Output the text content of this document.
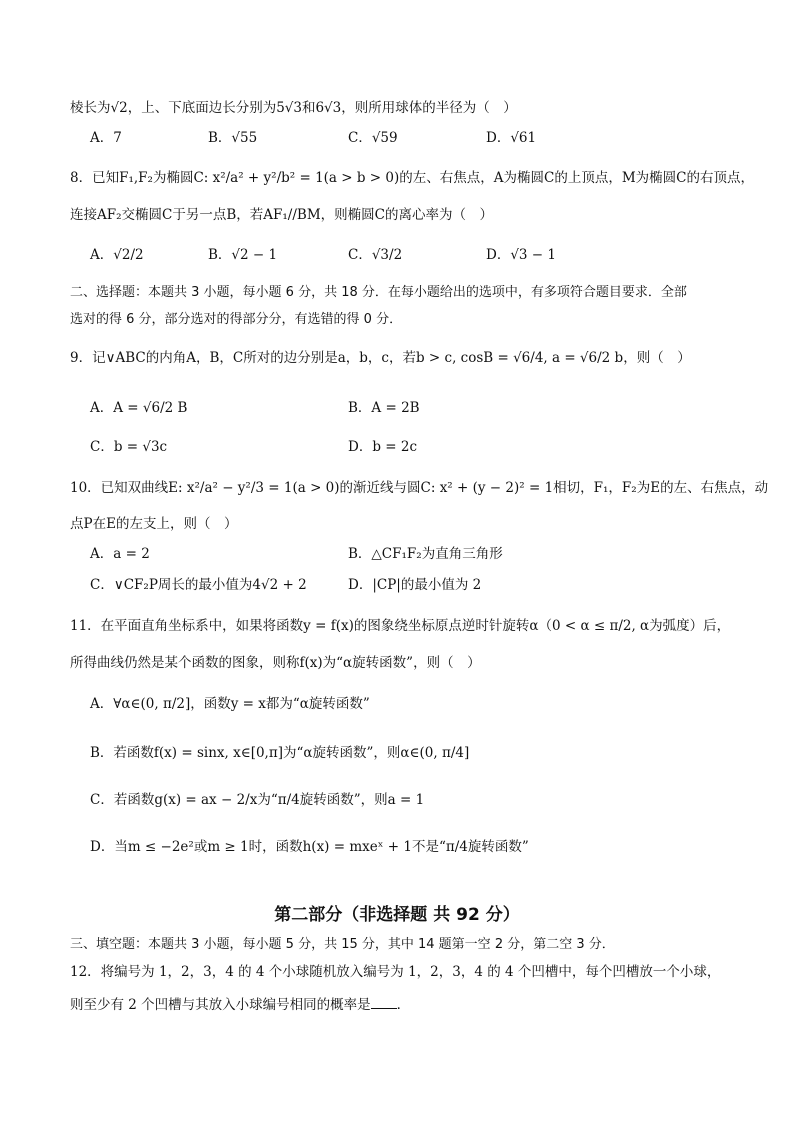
棱长为√2，上、下底面边长分别为5√3和6√3，则所用球体的半径为（　）
A．7	B．√55	C．√59	D．√61
8．已知F₁,F₂为椭圆C: x²/a² + y²/b² = 1(a > b > 0)的左、右焦点，A为椭圆C的上顶点，M为椭圆C的右顶点，
连接AF₂交椭圆C于另一点B，若AF₁//BM，则椭圆C的离心率为（　）
A．√2/2	B．√2 − 1	C．√3/2	D．√3 − 1
二、选择题：本题共 3 小题，每小题 6 分，共 18 分．在每小题给出的选项中，有多项符合题目要求．全部
选对的得 6 分，部分选对的得部分分，有选错的得 0 分．
9．记∨ABC的内角A，B，C所对的边分别是a，b，c，若b > c, cosB = √6/4, a = √6/2 b，则（　）
A．A = √6/2 B	B．A = 2B
C．b = √3c	D．b = 2c
10．已知双曲线E: x²/a² − y²/3 = 1(a > 0)的渐近线与圆C: x² + (y − 2)² = 1相切，F₁，F₂为E的左、右焦点，动
点P在E的左支上，则（　）
A．a = 2	B．△CF₁F₂为直角三角形
C．∨CF₂P周长的最小值为4√2 + 2	D．|CP|的最小值为 2
11．在平面直角坐标系中，如果将函数y = f(x)的图象绕坐标原点逆时针旋转α（0 < α ≤ π/2, α为弧度）后，
所得曲线仍然是某个函数的图象，则称f(x)为“α旋转函数”，则（　）
A．∀α∈(0, π/2]，函数y = x都为“α旋转函数”
B．若函数f(x) = sinx, x∈[0,π]为“α旋转函数”，则α∈(0, π/4]
C．若函数g(x) = ax − 2/x为“π/4旋转函数”，则a = 1
D．当m ≤ −2e²或m ≥ 1时，函数h(x) = mxeˣ + 1不是“π/4旋转函数”
第二部分（非选择题 共 92 分）
三、填空题：本题共 3 小题，每小题 5 分，共 15 分，其中 14 题第一空 2 分，第二空 3 分．
12．将编号为 1，2，3，4 的 4 个小球随机放入编号为 1，2，3，4 的 4 个凹槽中，每个凹槽放一个小球，
则至少有 2 个凹槽与其放入小球编号相同的概率是 ．
